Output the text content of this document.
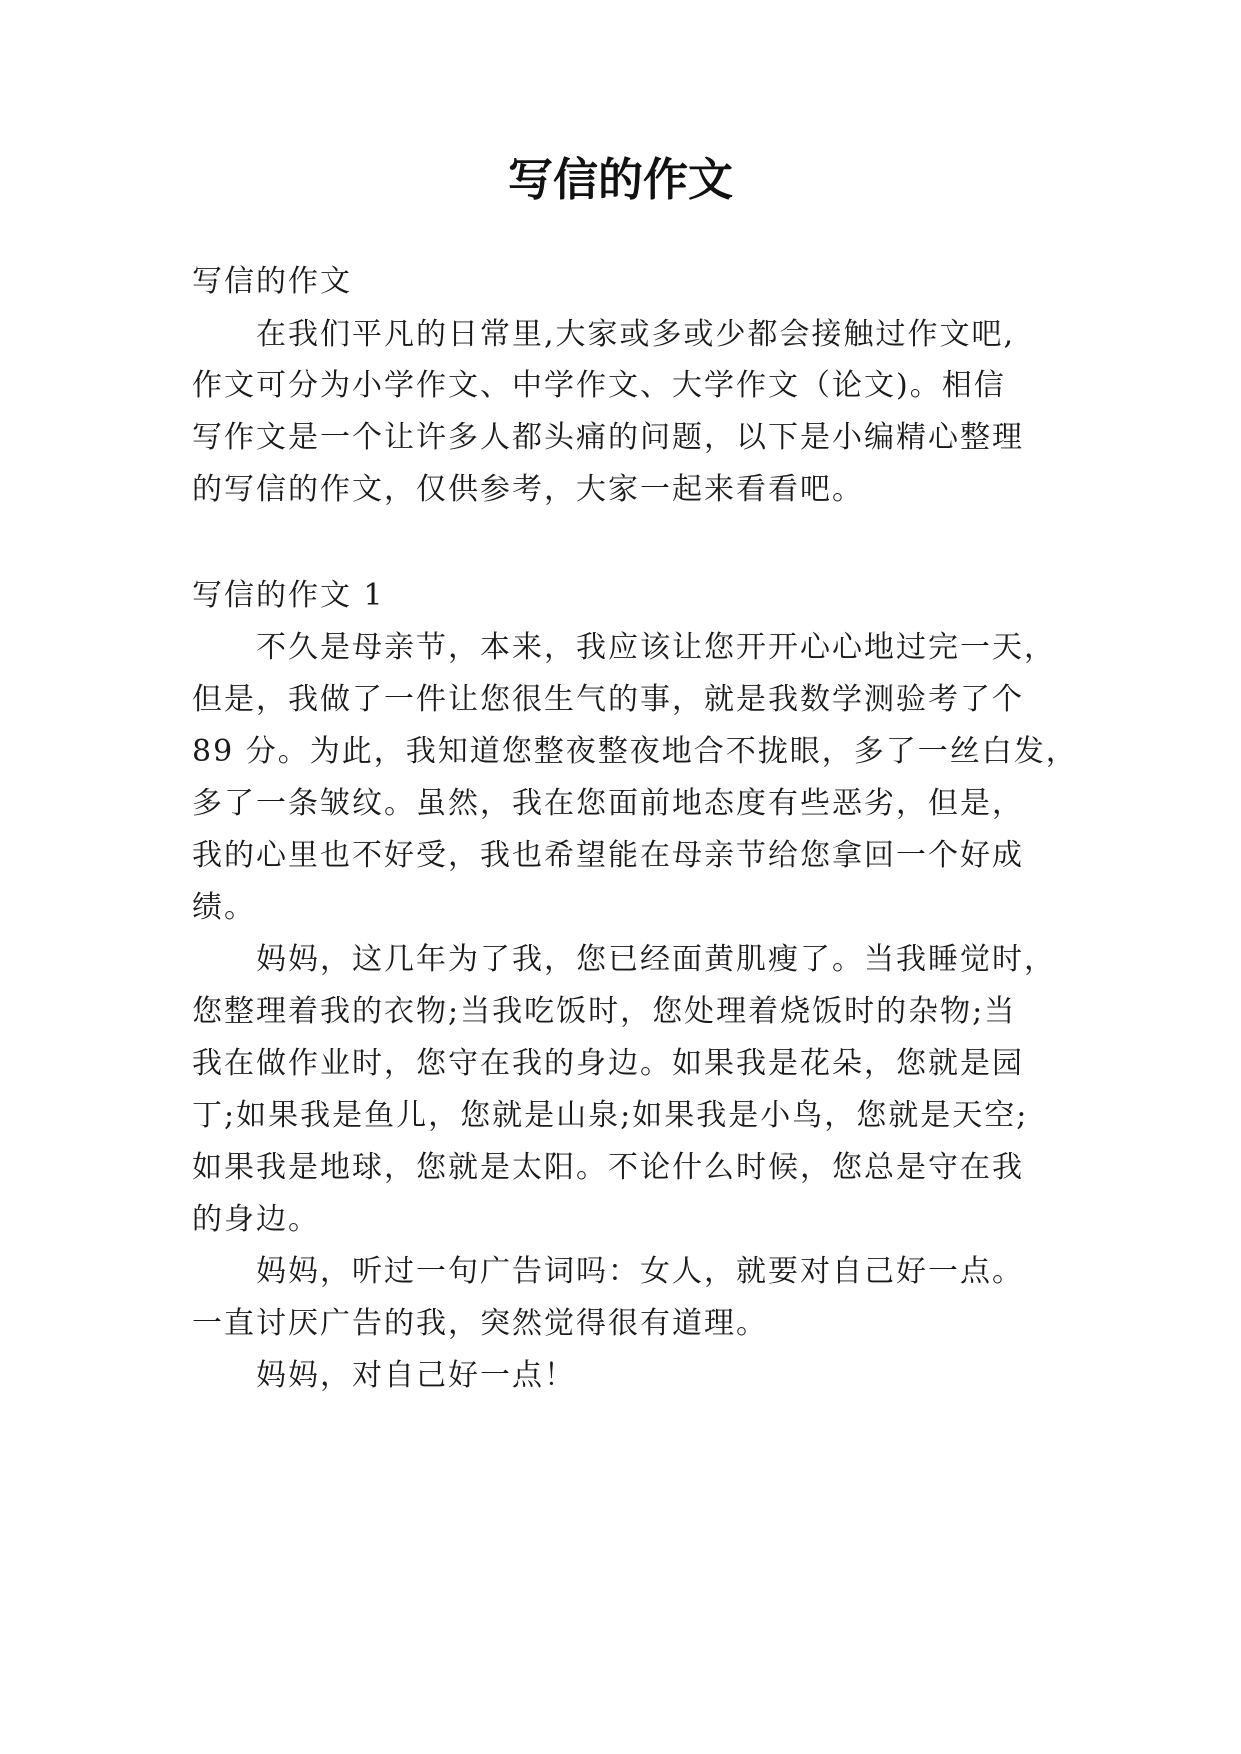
写信的作文
写信的作文
在我们平凡的日常里,大家或多或少都会接触过作文吧,
作文可分为小学作文、中学作文、大学作文（论文)。相信
写作文是一个让许多人都头痛的问题，以下是小编精心整理
的写信的作文，仅供参考，大家一起来看看吧。
写信的作文 1
不久是母亲节，本来，我应该让您开开心心地过完一天，
但是，我做了一件让您很生气的事，就是我数学测验考了个
89 分。为此，我知道您整夜整夜地合不拢眼，多了一丝白发，
多了一条皱纹。虽然，我在您面前地态度有些恶劣，但是，
我的心里也不好受，我也希望能在母亲节给您拿回一个好成
绩。
妈妈，这几年为了我，您已经面黄肌瘦了。当我睡觉时，
您整理着我的衣物;当我吃饭时，您处理着烧饭时的杂物;当
我在做作业时，您守在我的身边。如果我是花朵，您就是园
丁;如果我是鱼儿，您就是山泉;如果我是小鸟，您就是天空;
如果我是地球，您就是太阳。不论什么时候，您总是守在我
的身边。
妈妈，听过一句广告词吗：女人，就要对自己好一点。
一直讨厌广告的我，突然觉得很有道理。
妈妈，对自己好一点！
